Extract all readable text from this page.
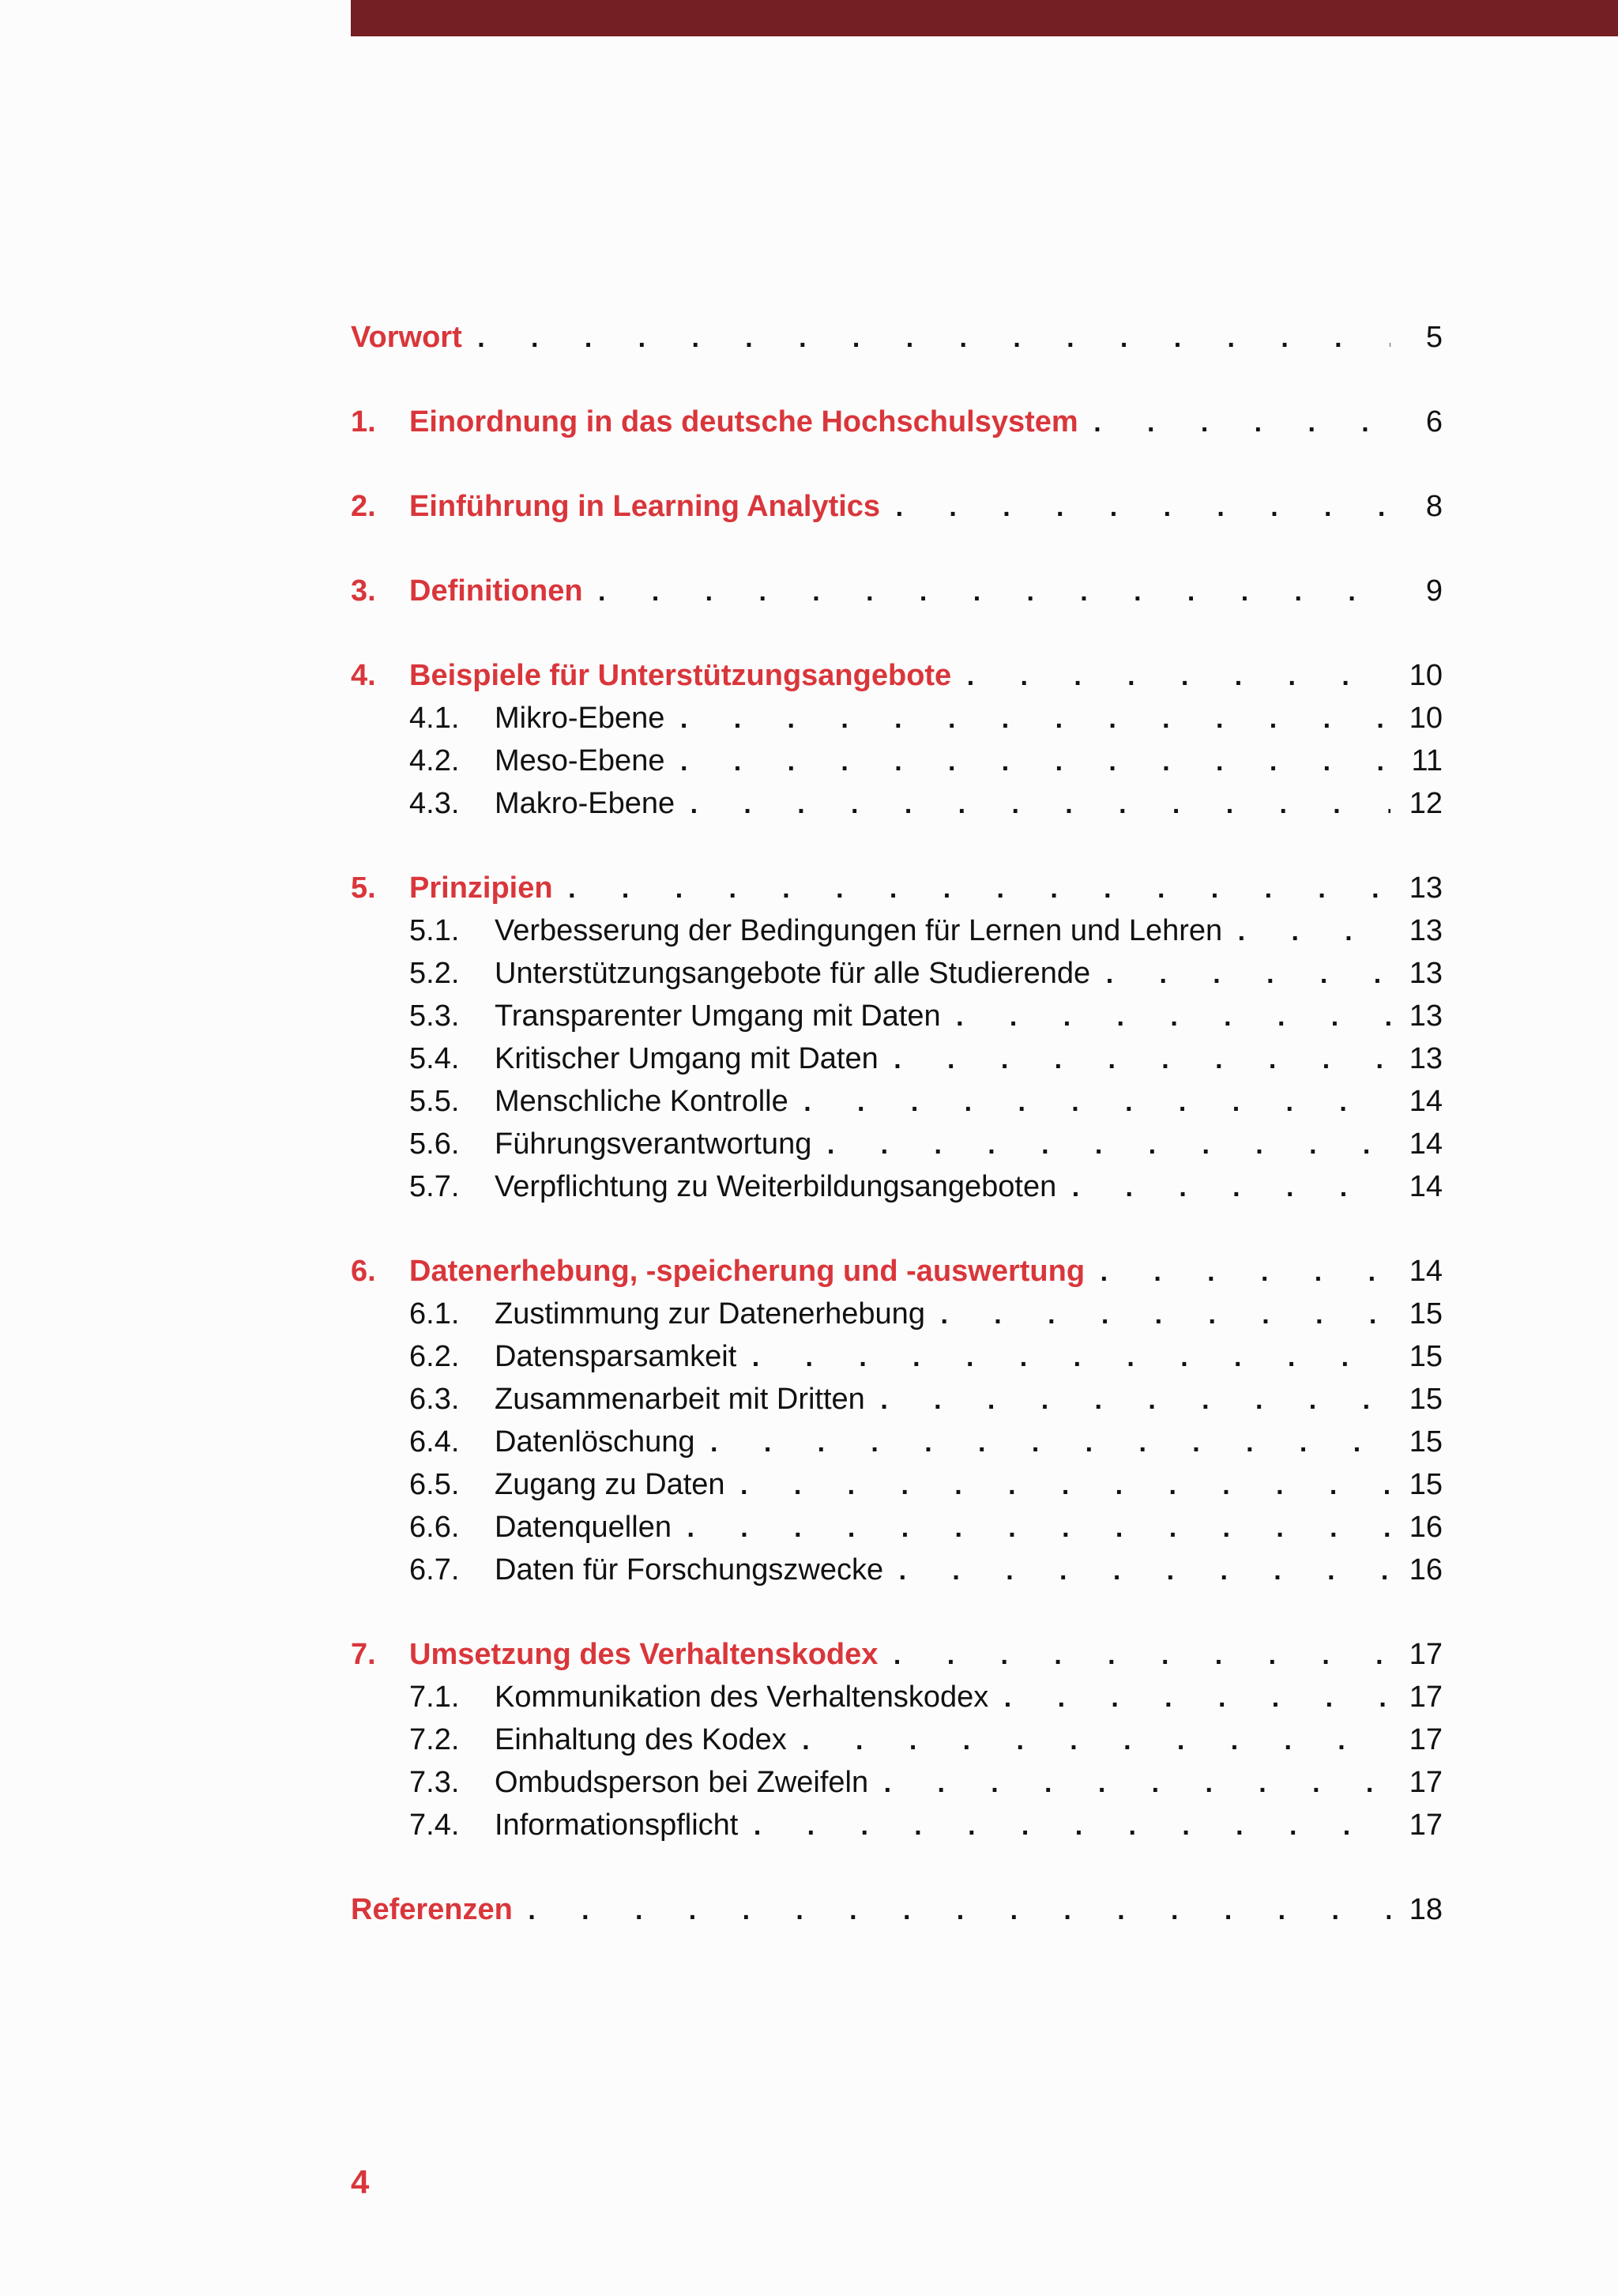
Vorwort . . .	5
1.	Einordnung in das deutsche Hochschulsystem . . .	6
2.	Einführung in Learning Analytics . . .	8
3.	Definitionen . . .	9
4.	Beispiele für Unterstützungsangebote . . .	10
4.1.	Mikro-Ebene . . .	10
4.2.	Meso-Ebene . . .	11
4.3.	Makro-Ebene . . .	12
5.	Prinzipien . . .	13
5.1.	Verbesserung der Bedingungen für Lernen und Lehren . . .	13
5.2.	Unterstützungsangebote für alle Studierende . . .	13
5.3.	Transparenter Umgang mit Daten . . .	13
5.4.	Kritischer Umgang mit Daten . . .	13
5.5.	Menschliche Kontrolle . . .	14
5.6.	Führungsverantwortung . . .	14
5.7.	Verpflichtung zu Weiterbildungsangeboten . . .	14
6.	Datenerhebung, -speicherung und -auswertung . . .	14
6.1.	Zustimmung zur Datenerhebung . . .	15
6.2.	Datensparsamkeit . . .	15
6.3.	Zusammenarbeit mit Dritten . . .	15
6.4.	Datenlöschung . . .	15
6.5.	Zugang zu Daten . . .	15
6.6.	Datenquellen . . .	16
6.7.	Daten für Forschungszwecke . . .	16
7.	Umsetzung des Verhaltenskodex . . .	17
7.1.	Kommunikation des Verhaltenskodex . . .	17
7.2.	Einhaltung des Kodex . . .	17
7.3.	Ombudsperson bei Zweifeln . . .	17
7.4.	Informationspflicht . . .	17
Referenzen . . .	18
4
